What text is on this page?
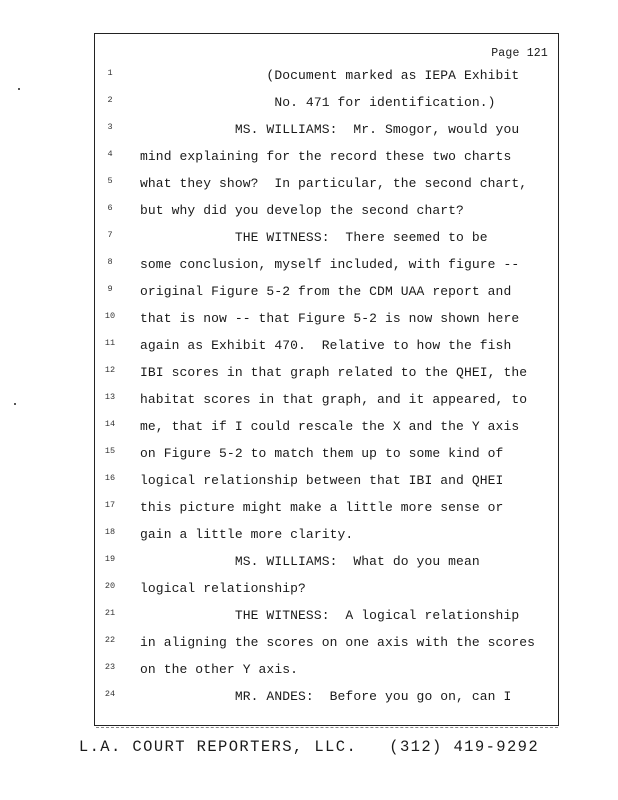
Page 121
1	(Document marked as IEPA Exhibit
2	No. 471 for identification.)
3	MS. WILLIAMS:  Mr. Smogor, would you
4	mind explaining for the record these two charts
5	what they show?  In particular, the second chart,
6	but why did you develop the second chart?
7	THE WITNESS:  There seemed to be
8	some conclusion, myself included, with figure --
9	original Figure 5-2 from the CDM UAA report and
10	that is now -- that Figure 5-2 is now shown here
11	again as Exhibit 470.  Relative to how the fish
12	IBI scores in that graph related to the QHEI, the
13	habitat scores in that graph, and it appeared, to
14	me, that if I could rescale the X and the Y axis
15	on Figure 5-2 to match them up to some kind of
16	logical relationship between that IBI and QHEI
17	this picture might make a little more sense or
18	gain a little more clarity.
19	MS. WILLIAMS:  What do you mean
20	logical relationship?
21	THE WITNESS:  A logical relationship
22	in aligning the scores on one axis with the scores
23	on the other Y axis.
24	MR. ANDES:  Before you go on, can I
L.A. COURT REPORTERS, LLC.   (312) 419-9292
